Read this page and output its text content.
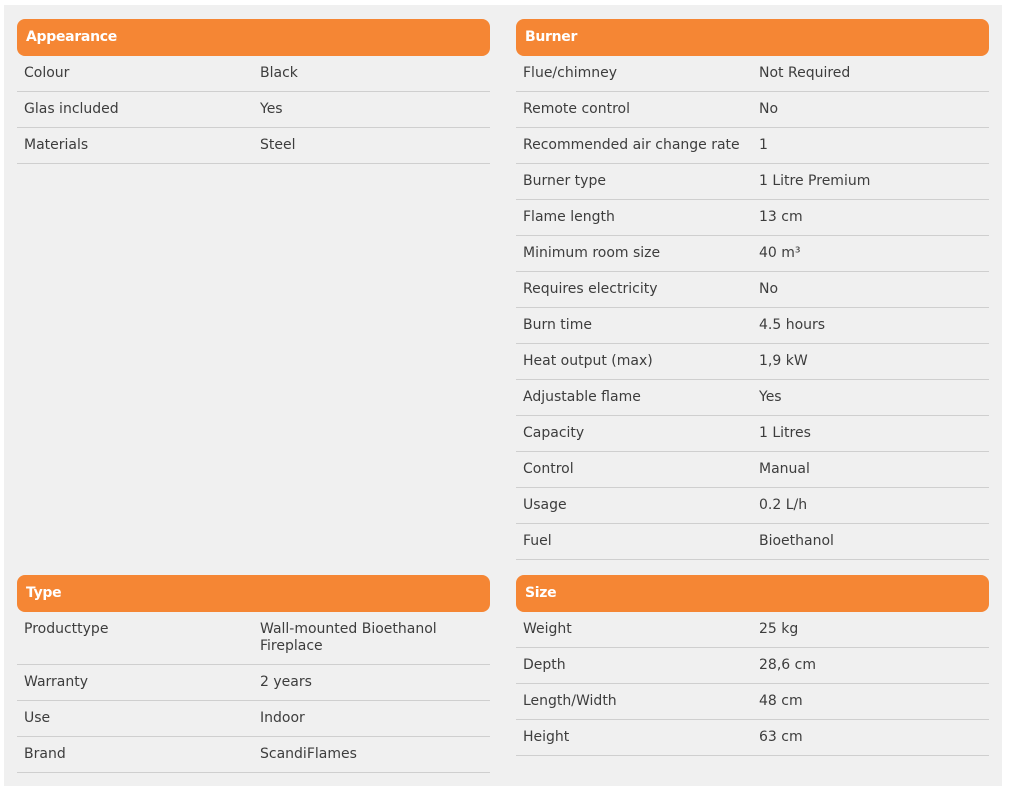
Appearance
Colour	Black
Glas included	Yes
Materials	Steel
Burner
Flue/chimney	Not Required
Remote control	No
Recommended air change rate	1
Burner type	1 Litre Premium
Flame length	13 cm
Minimum room size	40 m³
Requires electricity	No
Burn time	4.5 hours
Heat output (max)	1,9 kW
Adjustable flame	Yes
Capacity	1 Litres
Control	Manual
Usage	0.2 L/h
Fuel	Bioethanol
Type
Producttype	Wall-mounted Bioethanol Fireplace
Warranty	2 years
Use	Indoor
Brand	ScandiFlames
Size
Weight	25 kg
Depth	28,6 cm
Length/Width	48 cm
Height	63 cm
